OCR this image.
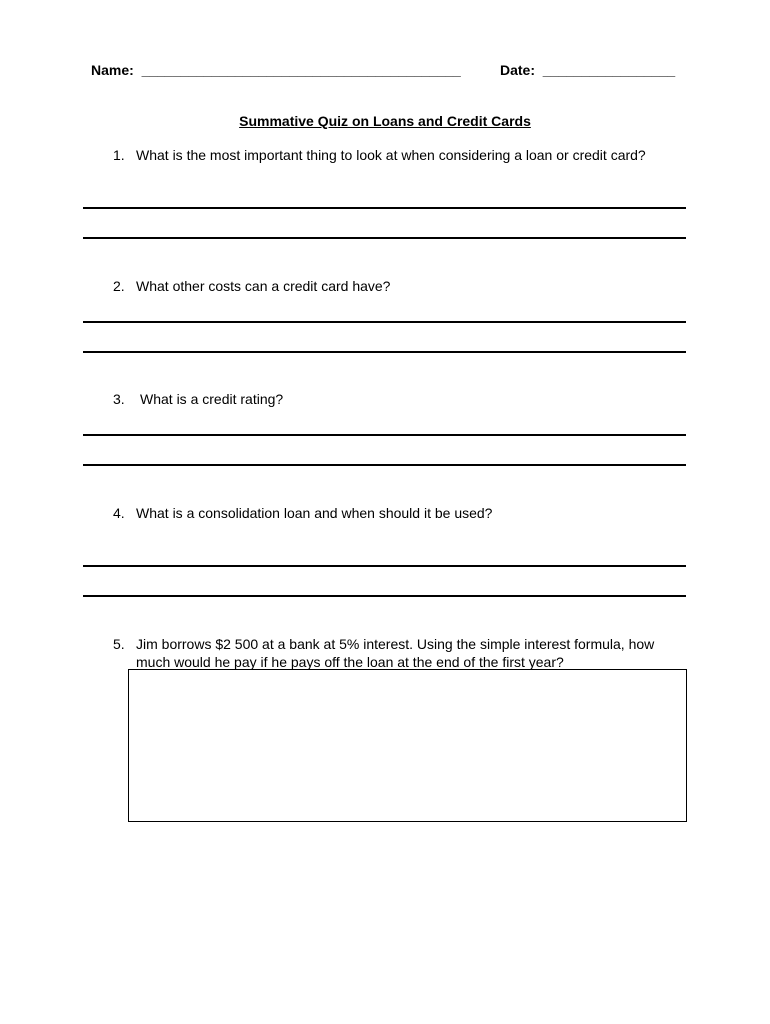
Name: _________________________________________	Date: _________________
Summative Quiz on Loans and Credit Cards
1. What is the most important thing to look at when considering a loan or credit card?
2. What other costs can a credit card have?
3.	What is a credit rating?
4. What is a consolidation loan and when should it be used?
5. Jim borrows $2 500 at a bank at 5% interest. Using the simple interest formula, how much would he pay if he pays off the loan at the end of the first year?
